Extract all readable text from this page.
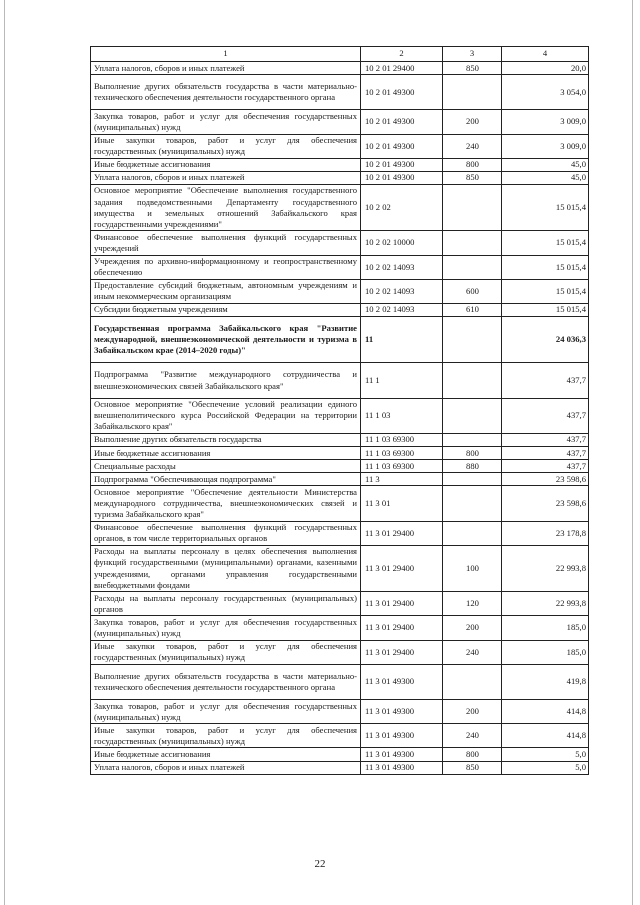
1	2	3	4
Уплата налогов, сборов и иных платежей	10 2 01 29400	850	20,0
Выполнение других обязательств государства в части материально-технического обеспечения деятельности государственного органа	10 2 01 49300		3 054,0
Закупка товаров, работ и услуг для обеспечения государственных (муниципальных) нужд	10 2 01 49300	200	3 009,0
Иные закупки товаров, работ и услуг для обеспечения государственных (муниципальных) нужд	10 2 01 49300	240	3 009,0
Иные бюджетные ассигнования	10 2 01 49300	800	45,0
Уплата налогов, сборов и иных платежей	10 2 01 49300	850	45,0
Основное мероприятие "Обеспечение выполнения государственного задания подведомственными Департаменту государственного имущества и земельных отношений Забайкальского края государственными учреждениями"	10 2 02		15 015,4
Финансовое обеспечение выполнения функций государственных учреждений	10 2 02 10000		15 015,4
Учреждения по архивно-информационному и геопространственному обеспечению	10 2 02 14093		15 015,4
Предоставление субсидий бюджетным, автономным учреждениям и иным некоммерческим организациям	10 2 02 14093	600	15 015,4
Субсидии бюджетным учреждениям	10 2 02 14093	610	15 015,4
Государственная программа Забайкальского края "Развитие международной, внешнеэкономической деятельности и туризма в Забайкальском крае (2014–2020 годы)"	11		24 036,3
Подпрограмма "Развитие международного сотрудничества и внешнеэкономических связей Забайкальского края"	11 1		437,7
Основное мероприятие "Обеспечение условий реализации единого внешнеполитического курса Российской Федерации на территории Забайкальского края"	11 1 03		437,7
Выполнение других обязательств государства	11 1 03 69300		437,7
Иные бюджетные ассигнования	11 1 03 69300	800	437,7
Специальные расходы	11 1 03 69300	880	437,7
Подпрограмма "Обеспечивающая подпрограмма"	11 3		23 598,6
Основное мероприятие "Обеспечение деятельности Министерства международного сотрудничества, внешнеэкономических связей и туризма Забайкальского края"	11 3 01		23 598,6
Финансовое обеспечение выполнения функций государственных органов, в том числе территориальных органов	11 3 01 29400		23 178,8
Расходы на выплаты персоналу в целях обеспечения выполнения функций государственными (муниципальными) органами, казенными учреждениями, органами управления государственными внебюджетными фондами	11 3 01 29400	100	22 993,8
Расходы на выплаты персоналу государственных (муниципальных) органов	11 3 01 29400	120	22 993,8
Закупка товаров, работ и услуг для обеспечения государственных (муниципальных) нужд	11 3 01 29400	200	185,0
Иные закупки товаров, работ и услуг для обеспечения государственных (муниципальных) нужд	11 3 01 29400	240	185,0
Выполнение других обязательств государства в части материально-технического обеспечения деятельности государственного органа	11 3 01 49300		419,8
Закупка товаров, работ и услуг для обеспечения государственных (муниципальных) нужд	11 3 01 49300	200	414,8
Иные закупки товаров, работ и услуг для обеспечения государственных (муниципальных) нужд	11 3 01 49300	240	414,8
Иные бюджетные ассигнования	11 3 01 49300	800	5,0
Уплата налогов, сборов и иных платежей	11 3 01 49300	850	5,0
22
